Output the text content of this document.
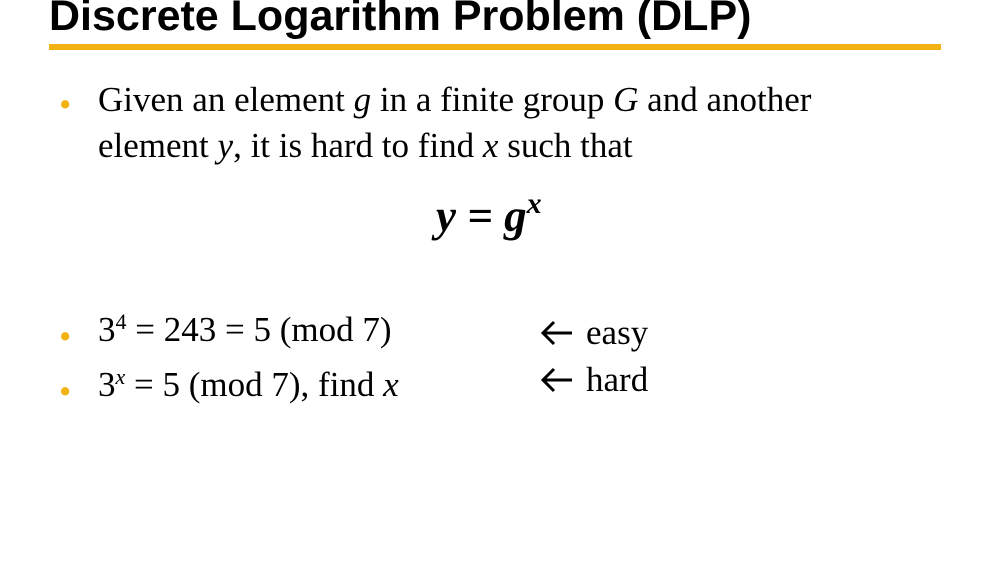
Discrete Logarithm Problem (DLP)
• Given an element g in a finite group G and another
element y, it is hard to find x such that
$y = g^x$
• $3^4 = 243 = 5$ (mod 7)
• $3^x = 5$ (mod 7), find x
easy
hard
